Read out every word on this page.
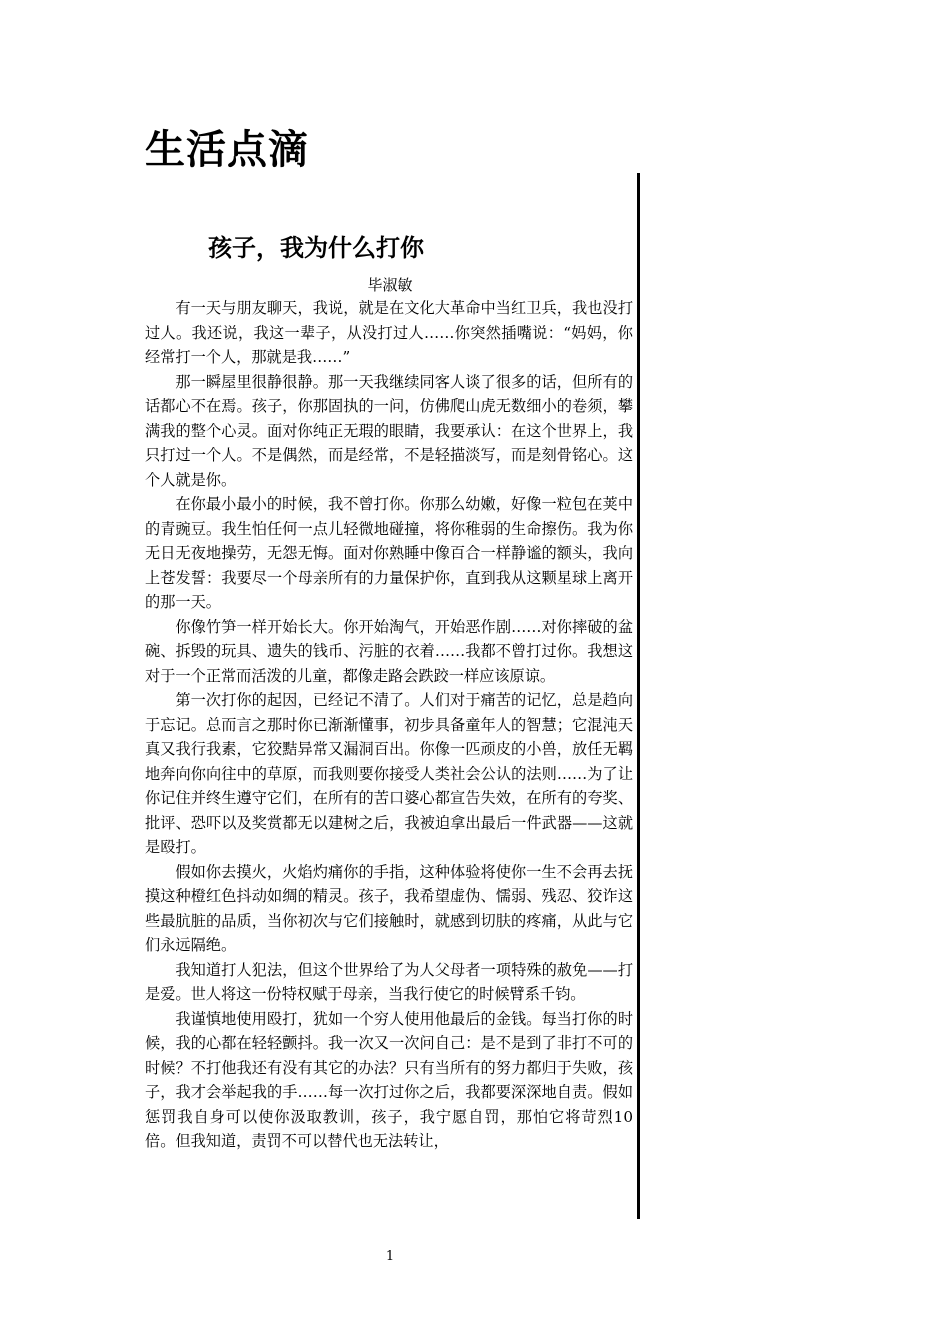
生活点滴
孩子，我为什么打你
毕淑敏

有一天与朋友聊天，我说，就是在文化大革命中当红卫兵，我也没打过人。我还说，我这一辈子，从没打过人……你突然插嘴说：“妈妈，你经常打一个人，那就是我……”

那一瞬屋里很静很静。那一天我继续同客人谈了很多的话，但所有的话都心不在焉。孩子，你那固执的一问，仿佛爬山虎无数细小的卷须，攀满我的整个心灵。面对你纯正无瑕的眼睛，我要承认：在这个世界上，我只打过一个人。不是偶然，而是经常，不是轻描淡写，而是刻骨铭心。这个人就是你。

在你最小最小的时候，我不曾打你。你那么幼嫩，好像一粒包在荚中的青豌豆。我生怕任何一点儿轻微地碰撞，将你稚弱的生命擦伤。我为你无日无夜地操劳，无怨无悔。面对你熟睡中像百合一样静谧的额头，我向上苍发誓：我要尽一个母亲所有的力量保护你，直到我从这颗星球上离开的那一天。

你像竹笋一样开始长大。你开始淘气，开始恶作剧……对你摔破的盆碗、拆毁的玩具、遗失的钱币、污脏的衣着……我都不曾打过你。我想这对于一个正常而活泼的儿童，都像走路会跌跤一样应该原谅。

第一次打你的起因，已经记不清了。人们对于痛苦的记忆，总是趋向于忘记。总而言之那时你已渐渐懂事，初步具备童年人的智慧；它混沌天真又我行我素，它狡黠异常又漏洞百出。你像一匹顽皮的小兽，放任无羁地奔向你向往中的草原，而我则要你接受人类社会公认的法则……为了让你记住并终生遵守它们，在所有的苦口婆心都宣告失效，在所有的夸奖、批评、恐吓以及奖赏都无以建树之后，我被迫拿出最后一件武器——这就是殴打。

假如你去摸火，火焰灼痛你的手指，这种体验将使你一生不会再去抚摸这种橙红色抖动如绸的精灵。孩子，我希望虚伪、懦弱、残忍、狡诈这些最肮脏的品质，当你初次与它们接触时，就感到切肤的疼痛，从此与它们永远隔绝。

我知道打人犯法，但这个世界给了为人父母者一项特殊的赦免——打是爱。世人将这一份特权赋于母亲，当我行使它的时候臂系千钧。

我谨慎地使用殴打，犹如一个穷人使用他最后的金钱。每当打你的时候，我的心都在轻轻颤抖。我一次又一次问自己：是不是到了非打不可的时候？不打他我还有没有其它的办法？只有当所有的努力都归于失败，孩子，我才会举起我的手……每一次打过你之后，我都要深深地自责。假如惩罚我自身可以使你汲取教训，孩子，我宁愿自罚，那怕它将苛烈10倍。但我知道，责罚不可以替代也无法转让，

1
